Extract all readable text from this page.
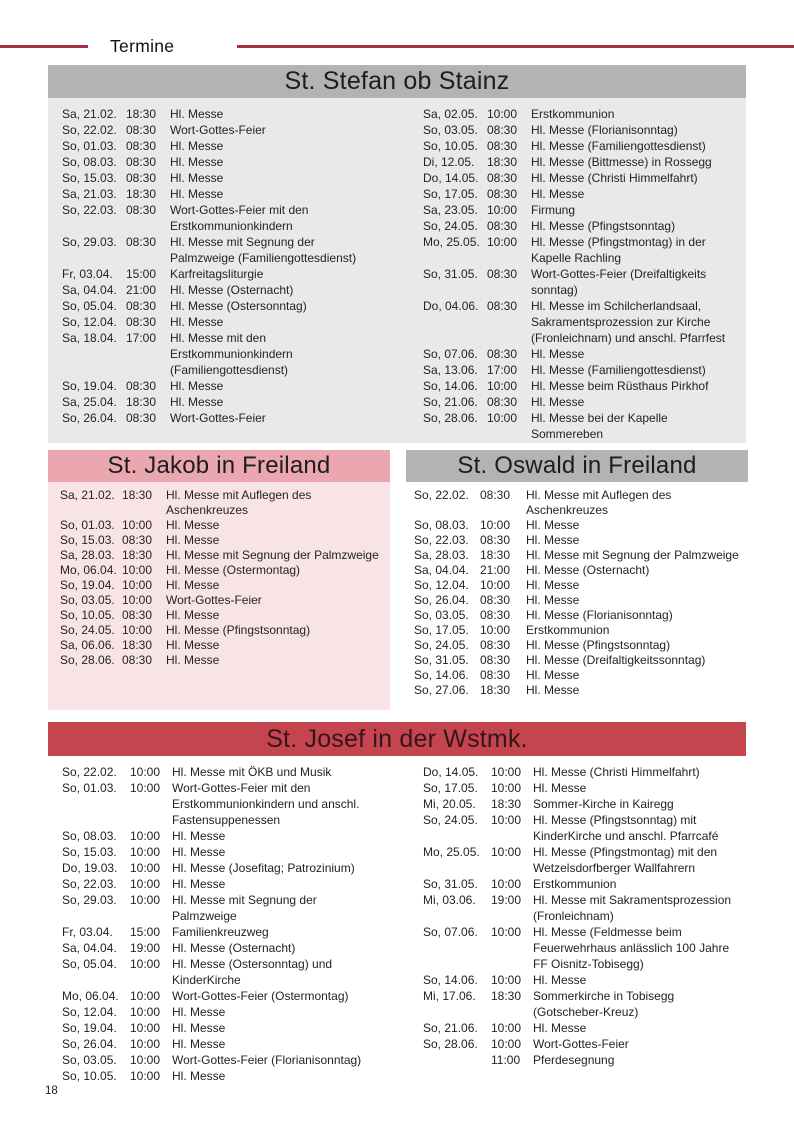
Termine
St. Stefan ob Stainz
Sa, 21.02. 18:30	Hl. Messe
So, 22.02. 08:30	Wort-Gottes-Feier
So, 01.03. 08:30	Hl. Messe
So, 08.03. 08:30	Hl. Messe
So, 15.03. 08:30	Hl. Messe
Sa, 21.03. 18:30	Hl. Messe
So, 22.03. 08:30	Wort-Gottes-Feier mit den Erstkommunionkindern
So, 29.03. 08:30	Hl. Messe mit Segnung der Palmzweige (Familiengottesdienst)
Fr, 03.04.	15:00	Karfreitagsliturgie
Sa, 04.04. 21:00	Hl. Messe (Osternacht)
So, 05.04. 08:30	Hl. Messe (Ostersonntag)
So, 12.04. 08:30	Hl. Messe
Sa, 18.04. 17:00	Hl. Messe mit den Erstkommunionkindern (Familiengottesdienst)
So, 19.04. 08:30	Hl. Messe
Sa, 25.04. 18:30	Hl. Messe
So, 26.04. 08:30	Wort-Gottes-Feier
Sa, 02.05. 10:00	Erstkommunion
So, 03.05. 08:30	Hl. Messe (Florianisonntag)
So, 10.05. 08:30	Hl. Messe (Familiengottesdienst)
Di, 12.05.	18:30	Hl. Messe (Bittmesse) in Rossegg
Do, 14.05. 08:30	Hl. Messe (Christi Himmelfahrt)
So, 17.05. 08:30	Hl. Messe
Sa, 23.05. 10:00	Firmung
So, 24.05. 08:30	Hl. Messe (Pfingstsonntag)
Mo, 25.05. 10:00	Hl. Messe (Pfingstmontag) in der Kapelle Rachling
So, 31.05. 08:30	Wort-Gottes-Feier (Dreifaltigkeits sonntag)
Do, 04.06. 08:30	Hl. Messe im Schilcherlandsaal, Sakramentsprozession zur Kirche (Fronleichnam) und anschl. Pfarrfest
So, 07.06. 08:30	Hl. Messe
Sa, 13.06. 17:00	Hl. Messe (Familiengottesdienst)
So, 14.06. 10:00	Hl. Messe beim Rüsthaus Pirkhof
So, 21.06. 08:30	Hl. Messe
So, 28.06. 10:00	Hl. Messe bei der Kapelle Sommereben
St. Jakob in Freiland
Sa, 21.02. 18:30	Hl. Messe mit Auflegen des Aschenkreuzes
So, 01.03. 10:00	Hl. Messe
So, 15.03. 08:30	Hl. Messe
Sa, 28.03. 18:30	Hl. Messe mit Segnung der Palmzweige
Mo, 06.04. 10:00	Hl. Messe (Ostermontag)
So, 19.04. 10:00	Hl. Messe
So, 03.05. 10:00	Wort-Gottes-Feier
So, 10.05. 08:30	Hl. Messe
So, 24.05. 10:00	Hl. Messe (Pfingstsonntag)
Sa, 06.06. 18:30	Hl. Messe
So, 28.06. 08:30	Hl. Messe
St. Oswald in Freiland
So, 22.02. 08:30	Hl. Messe mit Auflegen des Aschenkreuzes
So, 08.03. 10:00	Hl. Messe
So, 22.03. 08:30	Hl. Messe
Sa, 28.03. 18:30	Hl. Messe mit Segnung der Palmzweige
Sa, 04.04. 21:00	Hl. Messe (Osternacht)
So, 12.04. 10:00	Hl. Messe
So, 26.04. 08:30	Hl. Messe
So, 03.05. 08:30	Hl. Messe (Florianisonntag)
So, 17.05. 10:00	Erstkommunion
So, 24.05. 08:30	Hl. Messe (Pfingstsonntag)
So, 31.05. 08:30	Hl. Messe (Dreifaltigkeitssonntag)
So, 14.06. 08:30	Hl. Messe
So, 27.06. 18:30	Hl. Messe
St. Josef in der Wstmk.
So, 22.02.	10:00 Hl. Messe mit ÖKB und Musik
So, 01.03.	10:00 Wort-Gottes-Feier mit den Erstkommunionkindern und anschl. Fastensuppenessen
So, 08.03.	10:00 Hl. Messe
So, 15.03.	10:00 Hl. Messe
Do, 19.03.	10:00 Hl. Messe (Josefitag; Patrozinium)
So, 22.03.	10:00 Hl. Messe
So, 29.03.	10:00 Hl. Messe mit Segnung der Palmzweige
Fr, 03.04.	15:00 Familienkreuzweg
Sa, 04.04.	19:00 Hl. Messe (Osternacht)
So, 05.04.	10:00 Hl. Messe (Ostersonntag) und KinderKirche
Mo, 06.04. 10:00 Wort-Gottes-Feier (Ostermontag)
So, 12.04.	10:00 Hl. Messe
So, 19.04.	10:00 Hl. Messe
So, 26.04.	10:00 Hl. Messe
So, 03.05.	10:00 Wort-Gottes-Feier (Florianisonntag)
So, 10.05.	10:00 Hl. Messe
Do, 14.05.	10:00 Hl. Messe (Christi Himmelfahrt)
So, 17.05.	10:00 Hl. Messe
Mi, 20.05.	18:30 Sommer-Kirche in Kairegg
So, 24.05.	10:00 Hl. Messe (Pfingstsonntag) mit KinderKirche und anschl. Pfarrcafé
Mo, 25.05. 10:00 Hl. Messe (Pfingstmontag) mit den Wetzelsdorfberger Wallfahrern
So, 31.05.	10:00 Erstkommunion
Mi, 03.06.	19:00 Hl. Messe mit Sakramentsprozession (Fronleichnam)
So, 07.06.	10:00 Hl. Messe (Feldmesse beim Feuerwehrhaus anlässlich 100 Jahre FF Oisnitz-Tobisegg)
So, 14.06.	10:00 Hl. Messe
Mi, 17.06.	18:30 Sommerkirche in Tobisegg (Gotscheber-Kreuz)
So, 21.06.	10:00 Hl. Messe
So, 28.06.	10:00 Wort-Gottes-Feier
11:00	Pferdesegnung
18
